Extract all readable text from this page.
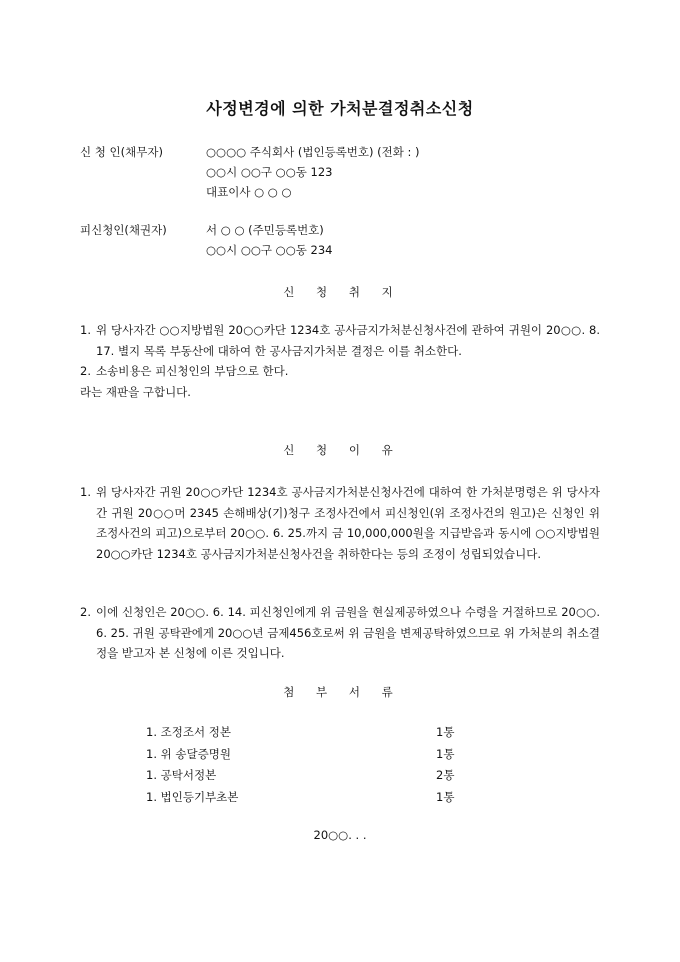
사정변경에 의한 가처분결정취소신청
신 청 인(채무자)	○○○○ 주식회사 (법인등록번호) (전화 : )
○○시 ○○구 ○○동 123
대표이사 ○ ○ ○
피신청인(채권자)	서 ○ ○ (주민등록번호)
○○시 ○○구 ○○동 234
신 청 취 지
1. 위 당사자간 ○○지방법원 20○○카단 1234호 공사금지가처분신청사건에 관하여 귀원이 20○○. 8. 17. 별지 목록 부동산에 대하여 한 공사금지가처분 결정은 이를 취소한다.
2. 소송비용은 피신청인의 부담으로 한다.
라는 재판을 구합니다.
신 청 이 유
1. 위 당사자간 귀원 20○○카단 1234호 공사금지가처분신청사건에 대하여 한 가처분명령은 위 당사자간 귀원 20○○머 2345 손해배상(기)청구 조정사건에서 피신청인(위 조정사건의 원고)은 신청인 위 조정사건의 피고)으로부터 20○○. 6. 25.까지 금 10,000,000원을 지급받음과 동시에 ○○지방법원 20○○카단 1234호 공사금지가처분신청사건을 취하한다는 등의 조정이 성립되었습니다.
2. 이에 신청인은 20○○. 6. 14. 피신청인에게 위 금원을 현실제공하였으나 수령을 거절하므로 20○○. 6. 25. 귀원 공탁관에게 20○○년 금제456호로써 위 금원을 변제공탁하였으므로 위 가처분의 취소결정을 받고자 본 신청에 이른 것입니다.
첨 부 서 류
1. 조정조서 정본	1통
1. 위 송달증명원	1통
1. 공탁서정본	2통
1. 법인등기부초본	1통
20○○. . .
